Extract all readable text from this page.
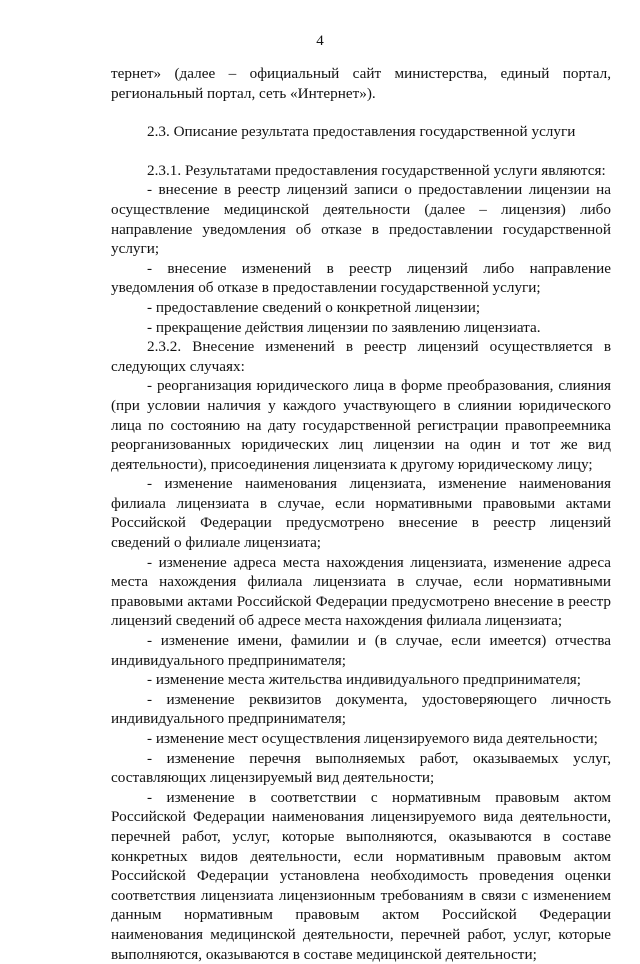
4

тернет» (далее – официальный сайт министерства, единый портал, региональный портал, сеть «Интернет»).

2.3. Описание результата предоставления государственной услуги

2.3.1. Результатами предоставления государственной услуги являются:

- внесение в реестр лицензий записи о предоставлении лицензии на осуществление медицинской деятельности (далее – лицензия) либо направление уведомления об отказе в предоставлении государственной услуги;

- внесение изменений в реестр лицензий либо направление уведомления об отказе в предоставлении государственной услуги;

- предоставление сведений о конкретной лицензии;

- прекращение действия лицензии по заявлению лицензиата.

2.3.2. Внесение изменений в реестр лицензий осуществляется в следующих случаях:

- реорганизация юридического лица в форме преобразования, слияния (при условии наличия у каждого участвующего в слиянии юридического лица по состоянию на дату государственной регистрации правопреемника реорганизованных юридических лиц лицензии на один и тот же вид деятельности), присоединения лицензиата к другому юридическому лицу;

- изменение наименования лицензиата, изменение наименования филиала лицензиата в случае, если нормативными правовыми актами Российской Федерации предусмотрено внесение в реестр лицензий сведений о филиале лицензиата;

- изменение адреса места нахождения лицензиата, изменение адреса места нахождения филиала лицензиата в случае, если нормативными правовыми актами Российской Федерации предусмотрено внесение в реестр лицензий сведений об адресе места нахождения филиала лицензиата;

- изменение имени, фамилии и (в случае, если имеется) отчества индивидуального предпринимателя;

- изменение места жительства индивидуального предпринимателя;

- изменение реквизитов документа, удостоверяющего личность индивидуального предпринимателя;

- изменение мест осуществления лицензируемого вида деятельности;

- изменение перечня выполняемых работ, оказываемых услуг, составляющих лицензируемый вид деятельности;

- изменение в соответствии с нормативным правовым актом Российской Федерации наименования лицензируемого вида деятельности, перечней работ, услуг, которые выполняются, оказываются в составе конкретных видов деятельности, если нормативным правовым актом Российской Федерации установлена необходимость проведения оценки соответствия лицензиата лицензионным требованиям в связи с изменением данным нормативным правовым актом Российской Федерации наименования медицинской деятельности, перечней работ, услуг, которые выполняются, оказываются в составе медицинской деятельности;
